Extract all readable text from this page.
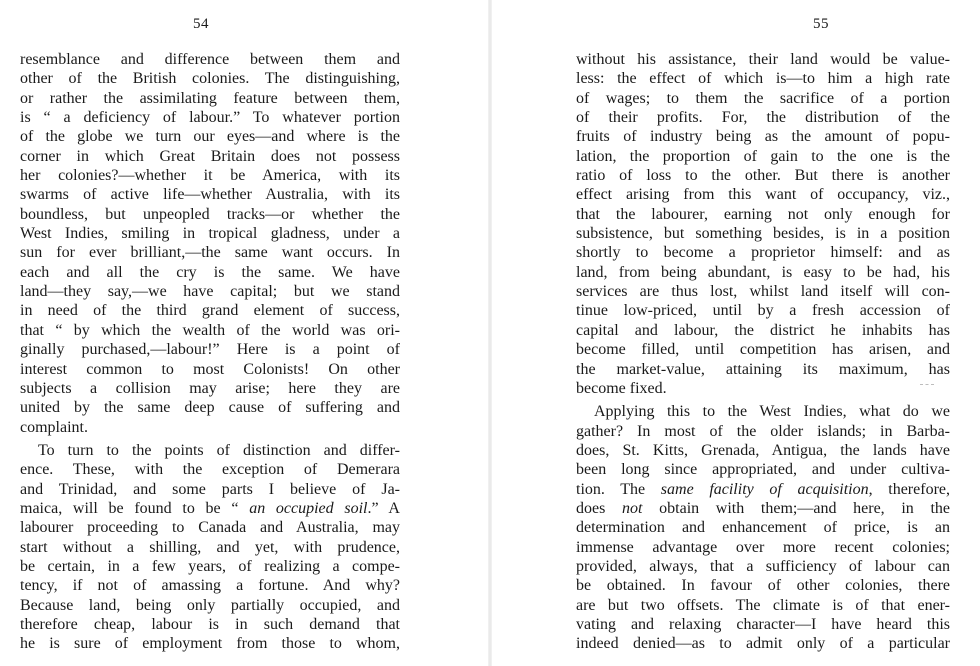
54
resemblance and difference between them and
other of the British colonies. The distinguishing,
or rather the assimilating feature between them,
is “ a deficiency of labour.” To whatever portion
of the globe we turn our eyes—and where is the
corner in which Great Britain does not possess
her colonies?—whether it be America, with its
swarms of active life—whether Australia, with its
boundless, but unpeopled tracks—or whether the
West Indies, smiling in tropical gladness, under a
sun for ever brilliant,—the same want occurs. In
each and all the cry is the same. We have
land—they say,—we have capital; but we stand
in need of the third grand element of success,
that “ by which the wealth of the world was ori-
ginally purchased,—labour!” Here is a point of
interest common to most Colonists! On other
subjects a collision may arise; here they are
united by the same deep cause of suffering and
complaint.
To turn to the points of distinction and differ-
ence. These, with the exception of Demerara
and Trinidad, and some parts I believe of Ja-
maica, will be found to be “ an occupied soil.” A
labourer proceeding to Canada and Australia, may
start without a shilling, and yet, with prudence,
be certain, in a few years, of realizing a compe-
tency, if not of amassing a fortune. And why?
Because land, being only partially occupied, and
therefore cheap, labour is in such demand that
he is sure of employment from those to whom,
55
without his assistance, their land would be value-
less: the effect of which is—to him a high rate
of wages; to them the sacrifice of a portion
of their profits. For, the distribution of the
fruits of industry being as the amount of popu-
lation, the proportion of gain to the one is the
ratio of loss to the other. But there is another
effect arising from this want of occupancy, viz.,
that the labourer, earning not only enough for
subsistence, but something besides, is in a position
shortly to become a proprietor himself: and as
land, from being abundant, is easy to be had, his
services are thus lost, whilst land itself will con-
tinue low-priced, until by a fresh accession of
capital and labour, the district he inhabits has
become filled, until competition has arisen, and
the market-value, attaining its maximum, has
become fixed.
Applying this to the West Indies, what do we
gather? In most of the older islands; in Barba-
does, St. Kitts, Grenada, Antigua, the lands have
been long since appropriated, and under cultiva-
tion. The same facility of acquisition, therefore,
does not obtain with them;—and here, in the
determination and enhancement of price, is an
immense advantage over more recent colonies;
provided, always, that a sufficiency of labour can
be obtained. In favour of other colonies, there
are but two offsets. The climate is of that ener-
vating and relaxing character—I have heard this
indeed denied—as to admit only of a particular
